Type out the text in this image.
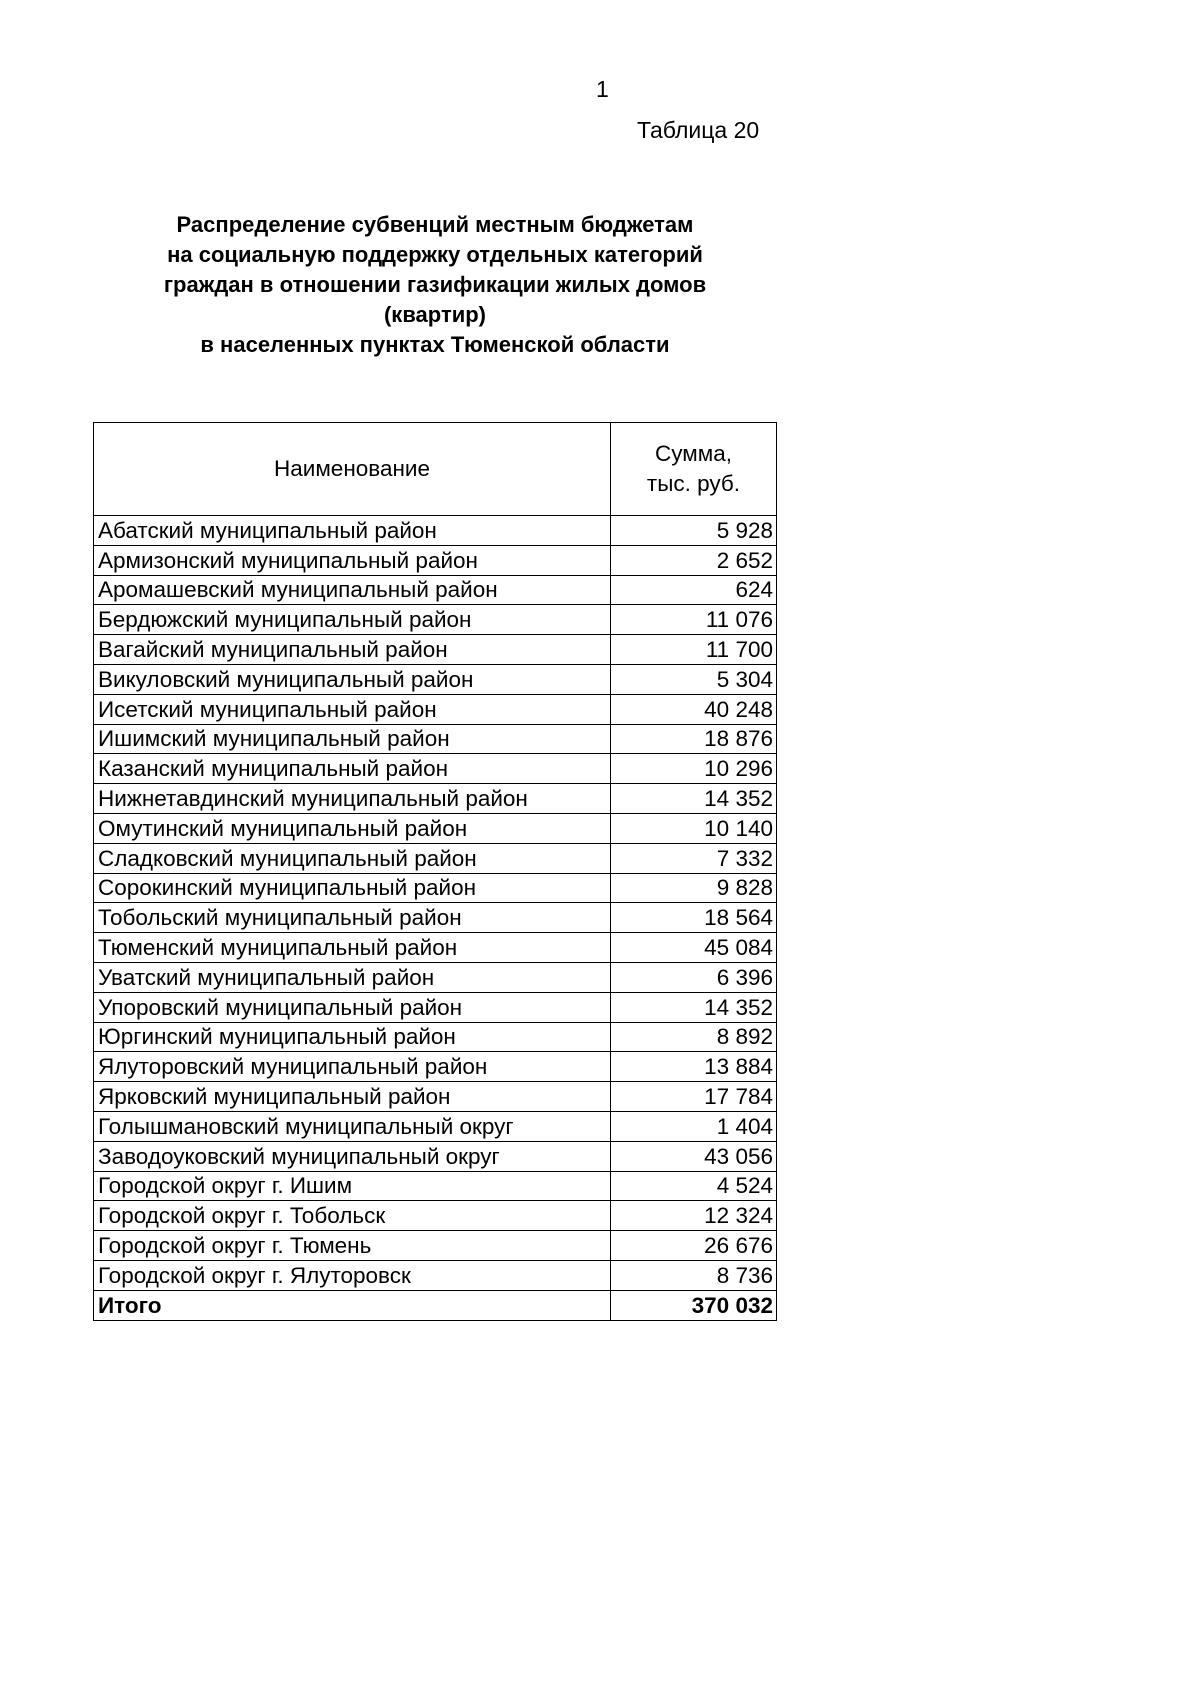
1
Таблица 20
Распределение субвенций местным бюджетам
на социальную поддержку отдельных категорий
граждан в отношении газификации жилых домов
(квартир)
в населенных пунктах Тюменской области
Наименование	Сумма,
тыс. руб.

Абатский муниципальный район	5 928
Армизонский муниципальный район	2 652
Аромашевский муниципальный район	624
Бердюжский муниципальный район	11 076
Вагайский муниципальный район	11 700
Викуловский муниципальный район	5 304
Исетский муниципальный район	40 248
Ишимский муниципальный район	18 876
Казанский муниципальный район	10 296
Нижнетавдинский муниципальный район	14 352
Омутинский муниципальный район	10 140
Сладковский муниципальный район	7 332
Сорокинский муниципальный район	9 828
Тобольский муниципальный район	18 564
Тюменский муниципальный район	45 084
Уватский муниципальный район	6 396
Упоровский муниципальный район	14 352
Юргинский муниципальный район	8 892
Ялуторовский муниципальный район	13 884
Ярковский муниципальный район	17 784
Голышмановский муниципальный округ	1 404
Заводоуковский муниципальный округ	43 056
Городской округ г. Ишим	4 524
Городской округ г. Тобольск	12 324
Городской округ г. Тюмень	26 676
Городской округ г. Ялуторовск	8 736
Итого	370 032
